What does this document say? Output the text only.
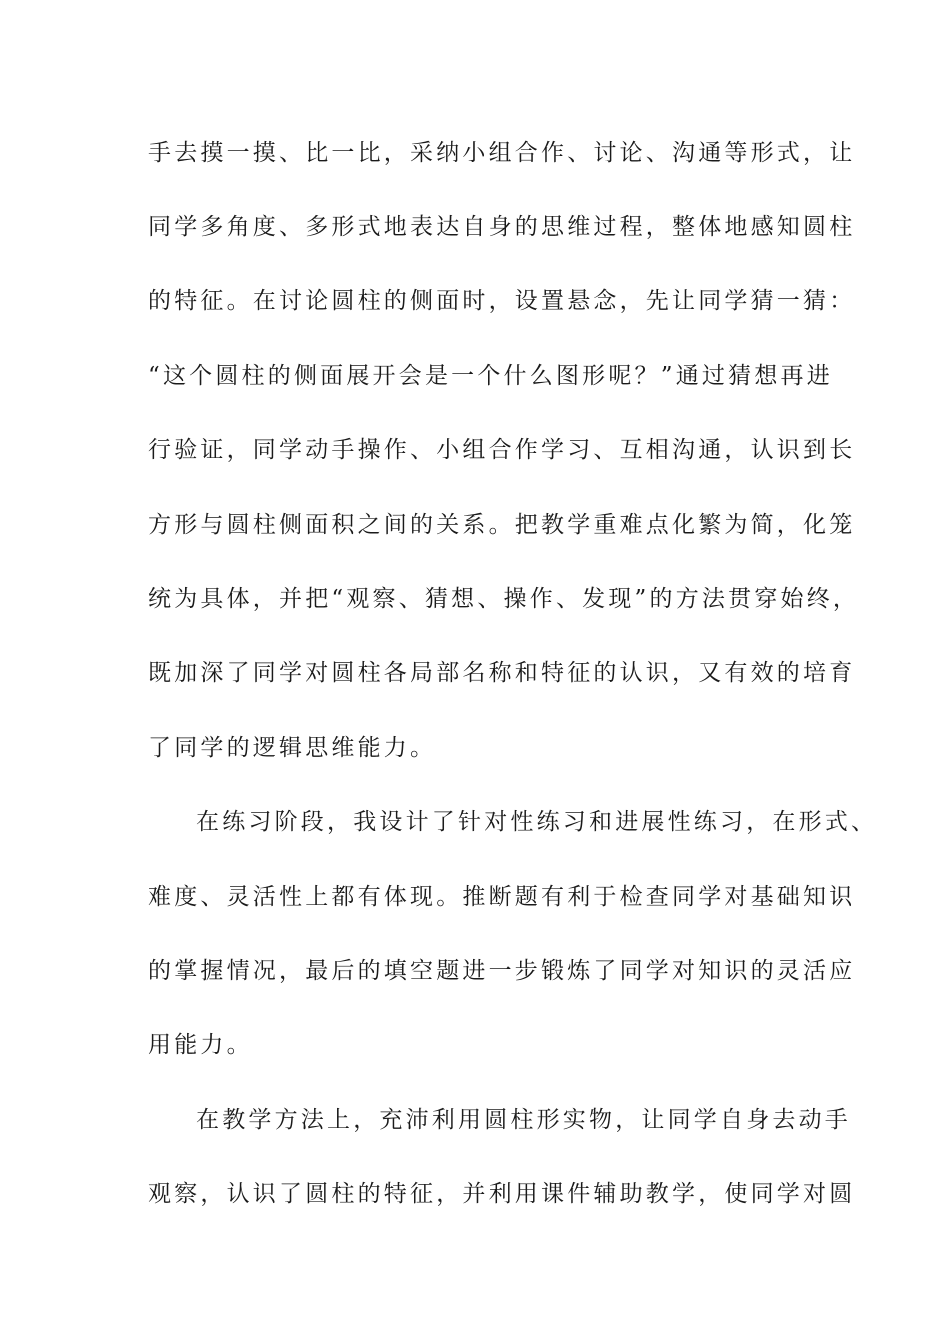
手去摸一摸、比一比，采纳小组合作、讨论、沟通等形式，让
同学多角度、多形式地表达自身的思维过程，整体地感知圆柱
的特征。在讨论圆柱的侧面时，设置悬念，先让同学猜一猜：
“这个圆柱的侧面展开会是一个什么图形呢？”通过猜想再进
行验证，同学动手操作、小组合作学习、互相沟通，认识到长
方形与圆柱侧面积之间的关系。把教学重难点化繁为简，化笼
统为具体，并把“观察、猜想、操作、发现”的方法贯穿始终，
既加深了同学对圆柱各局部名称和特征的认识，又有效的培育
了同学的逻辑思维能力。
在练习阶段，我设计了针对性练习和进展性练习，在形式、
难度、灵活性上都有体现。推断题有利于检查同学对基础知识
的掌握情况，最后的填空题进一步锻炼了同学对知识的灵活应
用能力。
在教学方法上，充沛利用圆柱形实物，让同学自身去动手
观察，认识了圆柱的特征，并利用课件辅助教学，使同学对圆
